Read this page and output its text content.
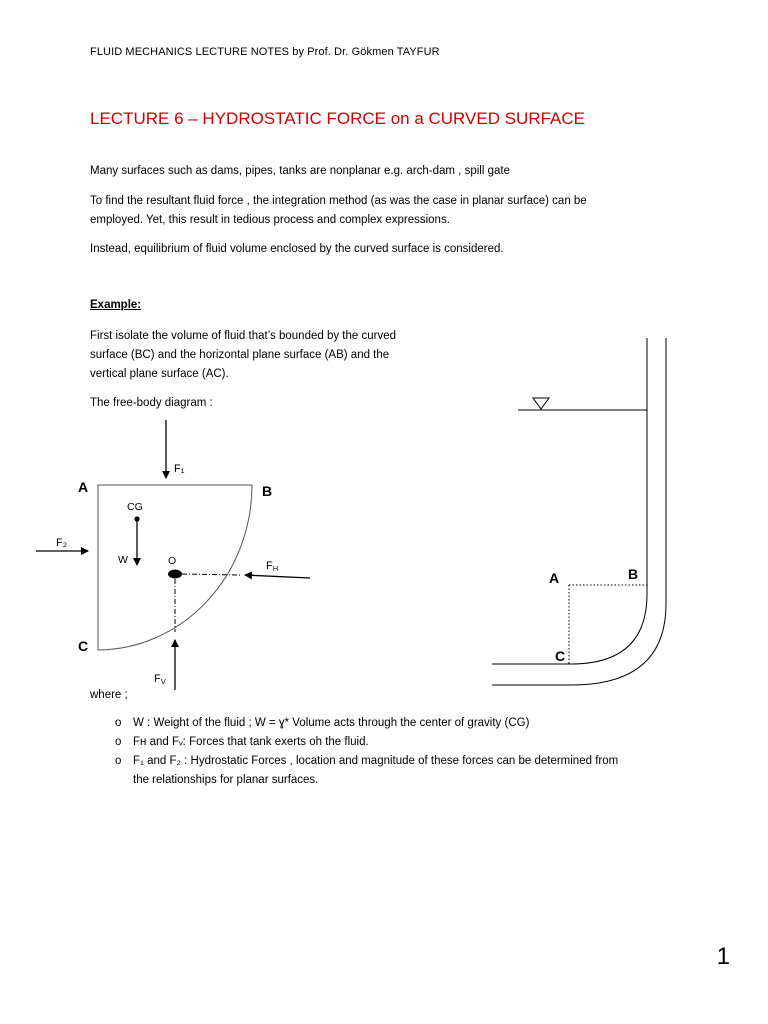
FLUID MECHANICS LECTURE NOTES by Prof. Dr. Gökmen TAYFUR
LECTURE 6 – HYDROSTATIC FORCE on a CURVED SURFACE
Many surfaces such as dams, pipes, tanks are nonplanar e.g. arch-dam , spill gate
To find the resultant fluid force , the integration method (as was the case in planar surface) can be
employed. Yet, this result in tedious process and complex expressions.
Instead, equilibrium of fluid volume enclosed by the curved surface is considered.
Example:
First isolate the volume of fluid that’s bounded by the curved
surface (BC) and the horizontal plane surface (AB) and the
vertical plane surface (AC).
The free-body diagram :
A	B
C
CG
W	O
F₁
F₂
FH
FV
A	B
C
where ;
o W : Weight of the fluid ; W = ɣ* Volume acts through the center of gravity (CG)
o Fʜ and Fᵥ: Forces that tank exerts oh the fluid.
o F₁ and F₂ : Hydrostatic Forces , location and magnitude of these forces can be determined from
the relationships for planar surfaces.
1
